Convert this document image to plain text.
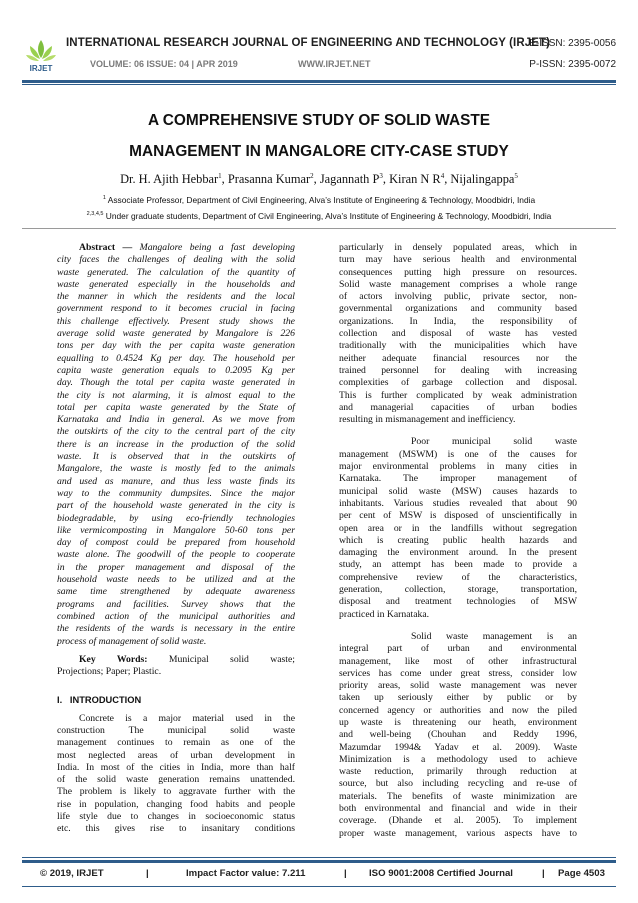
IRJET
INTERNATIONAL RESEARCH JOURNAL OF ENGINEERING AND TECHNOLOGY (IRJET)
VOLUME: 06 ISSUE: 04 | APR 2019	WWW.IRJET.NET
E-ISSN: 2395-0056
P-ISSN: 2395-0072
A COMPREHENSIVE STUDY OF SOLID WASTE
MANAGEMENT IN MANGALORE CITY-CASE STUDY
Dr. H. Ajith Hebbar$^1$, Prasanna Kumar$^2$, Jagannath $P^3$, Kiran N $R^4$, Nijalingappa$^5$
$^1$ Associate Professor, Department of Civil Engineering, Alva’s Institute of Engineering & Technology, Moodbidri, India
$^{2,3,4,5}$ Under graduate students, Department of Civil Engineering, Alva’s Institute of Engineering & Technology, Moodbidri, India

Abstract — Mangalore being a fast developing

city faces the challenges of dealing with the solid

waste generated. The calculation of the quantity of

waste generated especially in the households and

the manner in which the residents and the local

government respond to it becomes crucial in facing

this challenge effectively. Present study shows the

average solid waste generated by Mangalore is 226

tons per day with the per capita waste generation

equalling to 0.4524 Kg per day. The household per

capita waste generation equals to 0.2095 Kg per

day. Though the total per capita waste generated in

the city is not alarming, it is almost equal to the

total per capita waste generated by the State of

Karnataka and India in general. As we move from

the outskirts of the city to the central part of the city

there is an increase in the production of the solid

waste. It is observed that in the outskirts of

Mangalore, the waste is mostly fed to the animals

and used as manure, and thus less waste finds its

way to the community dumpsites. Since the major

part of the household waste generated in the city is

biodegradable, by using eco-friendly technologies

like vermicomposting in Mangalore 50-60 tons per

day of compost could be prepared from household

waste alone. The goodwill of the people to cooperate

in the proper management and disposal of the

household waste needs to be utilized and at the

same time strengthened by adequate awareness

programs and facilities. Survey shows that the

combined action of the municipal authorities and

the residents of the wards is necessary in the entire

process of management of solid waste.

Key Words: Municipal solid waste;

Projections; Paper; Plastic.

I. INTRODUCTION

Concrete is a major material used in the

construction The municipal solid waste

management continues to remain as one of the

most neglected areas of urban development in

India. In most of the cities in India, more than half

of the solid waste generation remains unattended.

The problem is likely to aggravate further with the

rise in population, changing food habits and people

life style due to changes in socioeconomic status

etc. this gives rise to insanitary conditions

particularly in densely populated areas, which in

turn may have serious health and environmental

consequences putting high pressure on resources.

Solid waste management comprises a whole range

of actors involving public, private sector, non-

governmental organizations and community based

organizations. In India, the responsibility of

collection and disposal of waste has vested

traditionally with the municipalities which have

neither adequate financial resources nor the

trained personnel for dealing with increasing

complexities of garbage collection and disposal.

This is further complicated by weak administration

and managerial capacities of urban bodies

resulting in mismanagement and inefficiency.

Poor municipal solid waste

management (MSWM) is one of the causes for

major environmental problems in many cities in

Karnataka. The improper management of

municipal solid waste (MSW) causes hazards to

inhabitants. Various studies revealed that about 90

per cent of MSW is disposed of unscientifically in

open area or in the landfills without segregation

which is creating public health hazards and

damaging the environment around. In the present

study, an attempt has been made to provide a

comprehensive review of the characteristics,

generation, collection, storage, transportation,

disposal and treatment technologies of MSW

practiced in Karnataka.

Solid waste management is an

integral part of urban and environmental

management, like most of other infrastructural

services has come under great stress, consider low

priority areas, solid waste management was never

taken up seriously either by public or by

concerned agency or authorities and now the piled

up waste is threatening our heath, environment

and well-being (Chouhan and Reddy 1996,

Mazumdar 1994& Yadav et al. 2009). Waste

Minimization is a methodology used to achieve

waste reduction, primarily through reduction at

source, but also including recycling and re-use of

materials. The benefits of waste minimization are

both environmental and financial and wide in their

coverage. (Dhande et al. 2005). To implement

proper waste management, various aspects have to

© 2019, IRJET	|	Impact Factor value: 7.211	| ISO 9001:2008 Certified Journal	| Page 4503
